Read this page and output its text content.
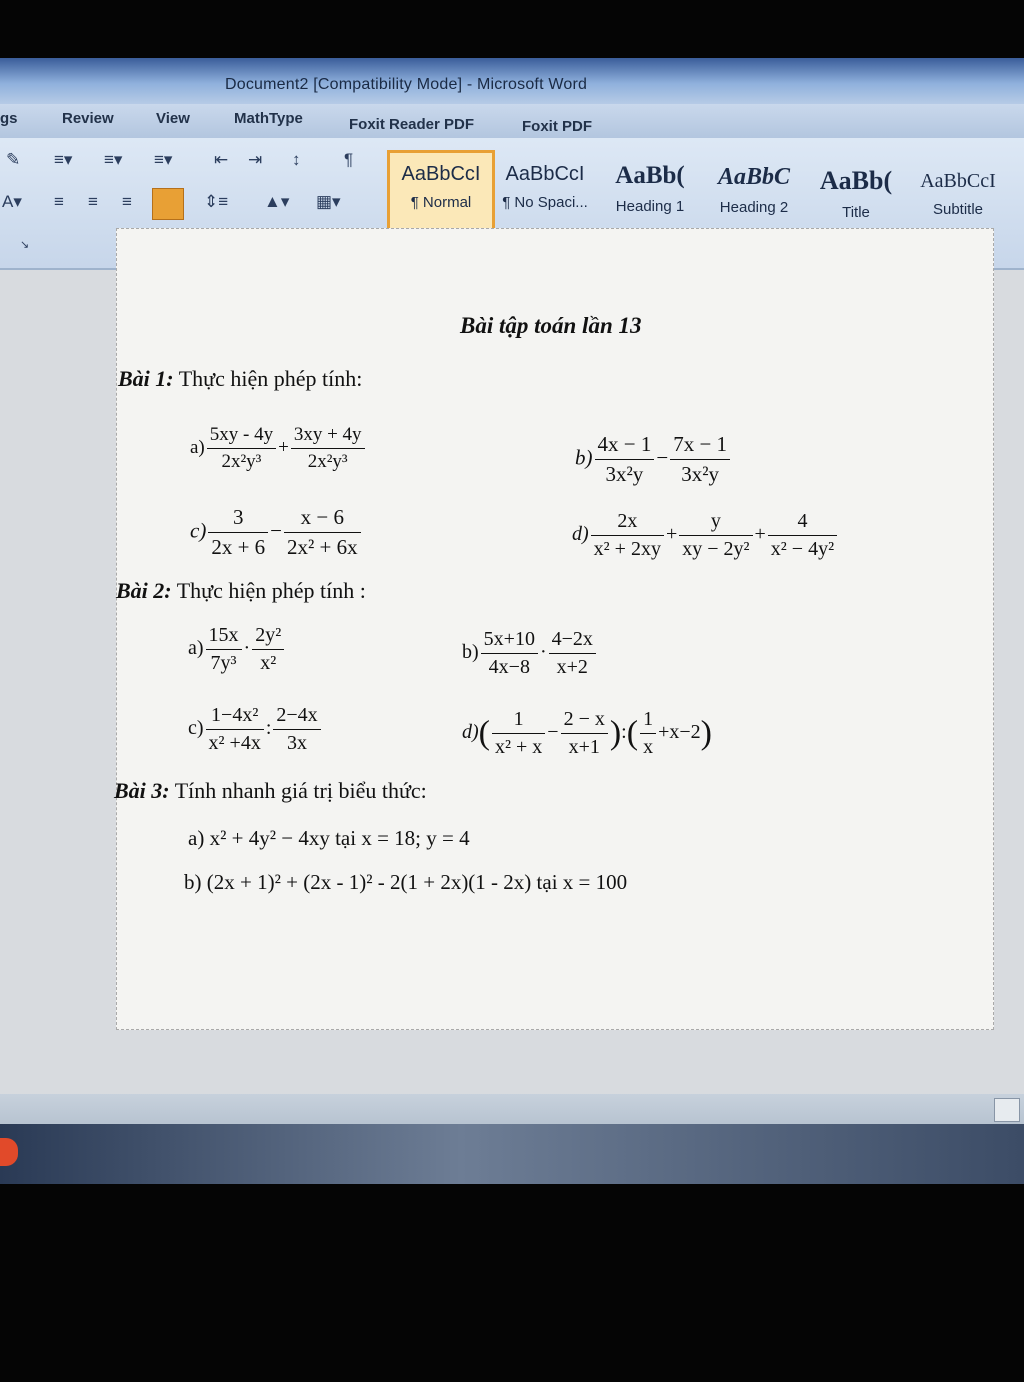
Document2 [Compatibility Mode] - Microsoft Word
gs	Review	View	MathType	Foxit Reader PDF	Foxit PDF
✎ ≡▾ ≡▾ ≡▾ ⇤ ⇥ ↕	¶
A▾ ≡ ≡ ≡	⇕≡ ▲▾ ▦▾
↘
AaBbCcI
¶ Normal
AaBbCcI
¶ No Spaci...
AaBb(
Heading 1
AaBbC
Heading 2
AaBb(
Title
AaBbCcI
Subtitle
Bài tập toán lần 13
Bài 1: Thực hiện phép tính:
$a) \frac{5xy - 4y}{\text{2x²y³}} + \frac{3xy + 4y}{\text{2x²y³}}$	$b) \frac{4x - 1}{\text{3x²y}} - \frac{7x - 1}{\text{3x²y}}$
$c) \frac{3}{2x + 6} - \frac{x - 6}{\text{2x² + 6x}}$	$d) \frac{2x}{\text{x² + 2xy}} + \frac{y}{\text{xy − 2y²}} + \frac{4}{\text{x² − 4y²}}$
Bài 2: Thực hiện phép tính :
$a) \frac{15x}{\text{7y³}} \cdot \frac{\text{2y²}}{\text{x²}}$	$b) \frac{5x+10}{4x-8} \cdot \frac{4-2x}{x+2}$
$c) \frac{\text{1−4x²}}{\text{x² +4x}}$ : $\frac{2-4x}{3x}$	$d)( \frac{1}{\text{x² + x}} - \frac{2 - x}{x+1}$ ):( $\frac{1}{x} +x-2$)
Bài 3: Tính nhanh giá trị biểu thức:
a) x² + 4y² − 4xy tại x = 18; y = 4
b) (2x + 1)² + (2x - 1)² - 2(1 + 2x)(1 - 2x) tại x = 100
